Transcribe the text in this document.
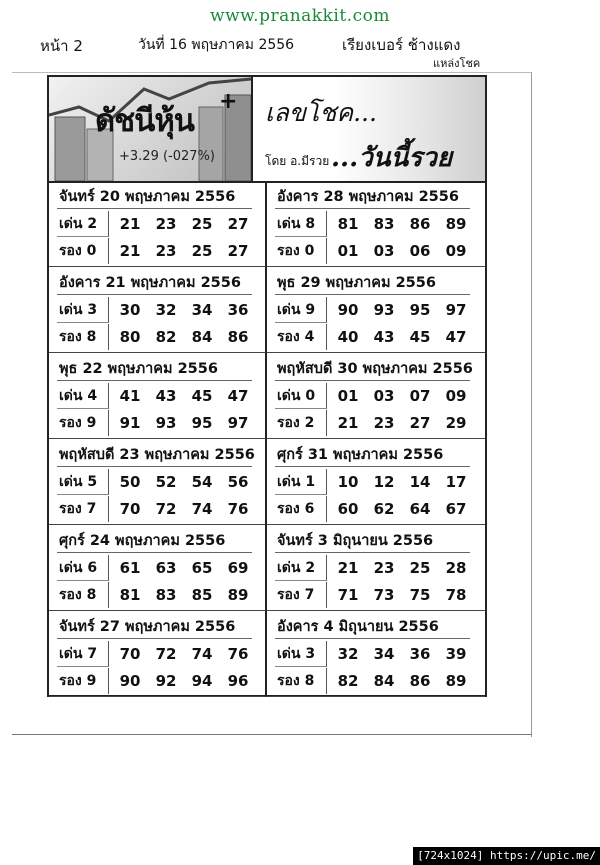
www.pranakkit.com
หน้า 2	วันที่ 16 พฤษภาคม 2556	เรียงเบอร์ ช้างแดง
แหล่งโชค
ดัชนีหุ้น
+
+3.29 (-027%)
เลขโชค...
โดย อ.มีรวย ...วันนี้รวย
จันทร์ 20 พฤษภาคม 2556
เด่น 2	21	23	25	27
รอง 0	21	23	25	27
อังคาร 28 พฤษภาคม 2556
เด่น 8	81	83	86	89
รอง 0	01	03	06	09
อังคาร 21 พฤษภาคม 2556
เด่น 3	30	32	34	36
รอง 8	80	82	84	86
พุธ 29 พฤษภาคม 2556
เด่น 9	90	93	95	97
รอง 4	40	43	45	47
พุธ 22 พฤษภาคม 2556
เด่น 4	41	43	45	47
รอง 9	91	93	95	97
พฤหัสบดี 30 พฤษภาคม 2556
เด่น 0	01	03	07	09
รอง 2	21	23	27	29
พฤหัสบดี 23 พฤษภาคม 2556
เด่น 5	50	52	54	56
รอง 7	70	72	74	76
ศุกร์ 31 พฤษภาคม 2556
เด่น 1	10	12	14	17
รอง 6	60	62	64	67
ศุกร์ 24 พฤษภาคม 2556
เด่น 6	61	63	65	69
รอง 8	81	83	85	89
จันทร์ 3 มิถุนายน 2556
เด่น 2	21	23	25	28
รอง 7	71	73	75	78
จันทร์ 27 พฤษภาคม 2556
เด่น 7	70	72	74	76
รอง 9	90	92	94	96
อังคาร 4 มิถุนายน 2556
เด่น 3	32	34	36	39
รอง 8	82	84	86	89
[724x1024] https://upic.me/
